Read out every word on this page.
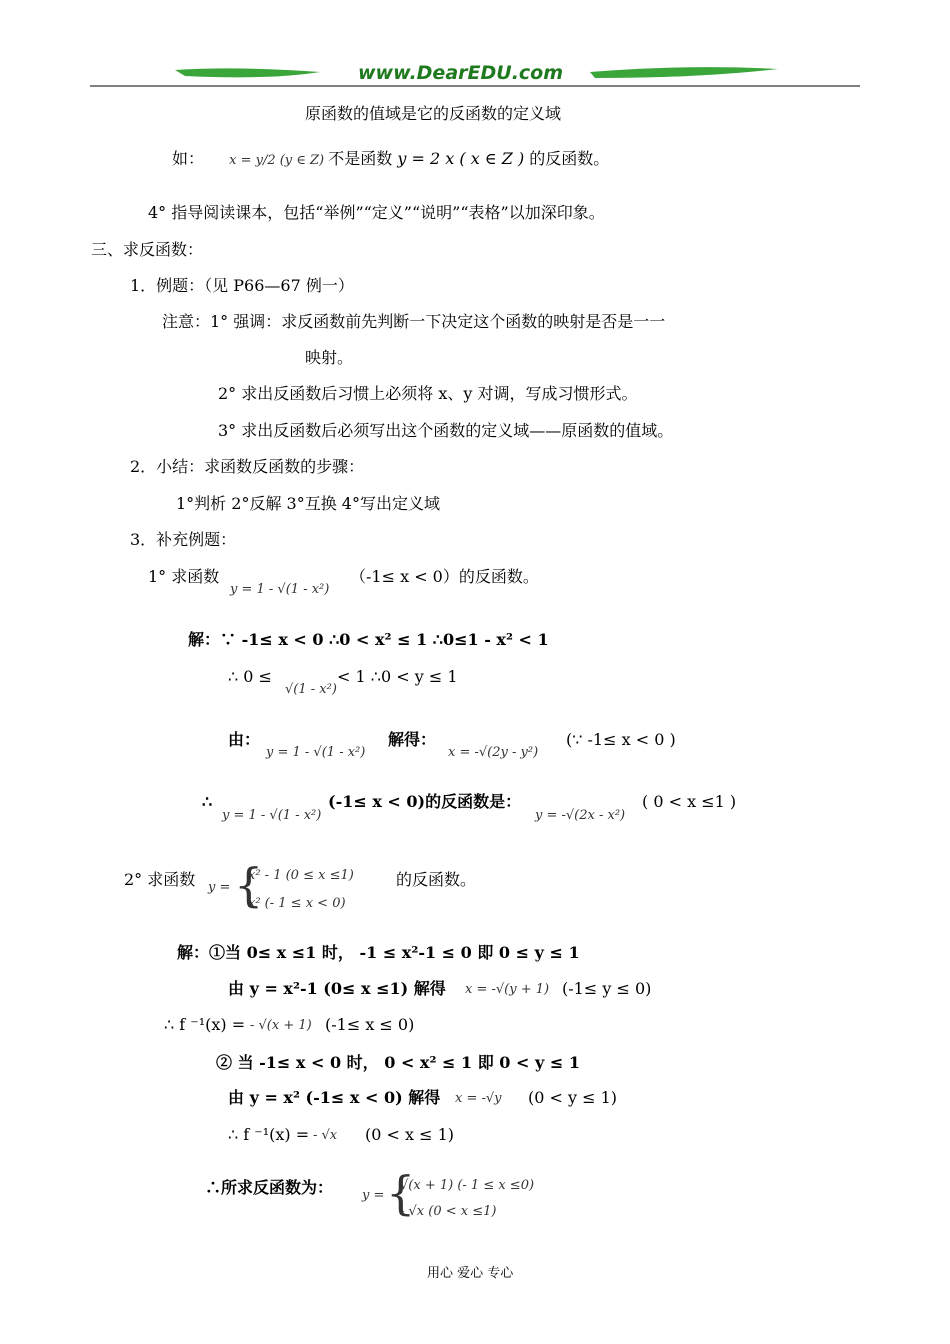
www.DearEDU.com
原函数的值域是它的反函数的定义域
如： x = y/2 (y ∈ Z) 不是函数 y = 2 x ( x ∈ Z ) 的反函数。
4° 指导阅读课本，包括“举例”“定义”“说明”“表格”以加深印象。
三、求反函数：
1．例题：（见 P66—67 例一）
注意：1° 强调：求反函数前先判断一下决定这个函数的映射是否是一一
映射。
2° 求出反函数后习惯上必须将 x、y 对调，写成习惯形式。
3° 求出反函数后必须写出这个函数的定义域——原函数的值域。
2．小结：求函数反函数的步骤：
1°判析 2°反解 3°互换 4°写出定义域
3．补充例题：
1° 求函数
y = 1 - √(1 - x²)
（-1≤ x < 0）的反函数。
解：∵ -1≤ x < 0 ∴0 < x² ≤ 1 ∴0≤1 - x² < 1
∴ 0 ≤
√(1 - x²)
< 1 ∴0 < y ≤ 1
由：
y = 1 - √(1 - x²)
解得：
x = -√(2y - y²)
(∵ -1≤ x < 0 )
∴
y = 1 - √(1 - x²)
(-1≤ x < 0)的反函数是：
y = -√(2x - x²)
( 0 < x ≤1 )
2° 求函数 y = {
x² - 1 (0 ≤ x ≤1)
x² (- 1 ≤ x < 0)
的反函数。
解：①当 0≤ x ≤1 时， -1 ≤ x²-1 ≤ 0 即 0 ≤ y ≤ 1
由 y = x²-1 (0≤ x ≤1) 解得 x = -√(y + 1) (-1≤ y ≤ 0)
∴ f ⁻¹(x) = - √(x + 1) (-1≤ x ≤ 0)
② 当 -1≤ x < 0 时， 0 < x² ≤ 1 即 0 < y ≤ 1
由 y = x² (-1≤ x < 0) 解得 x = -√y (0 < y ≤ 1)
∴ f ⁻¹(x) = - √x (0 < x ≤ 1)
∴所求反函数为： y = {
√(x + 1) (- 1 ≤ x ≤0)
- √x (0 < x ≤1)
用心 爱心 专心
